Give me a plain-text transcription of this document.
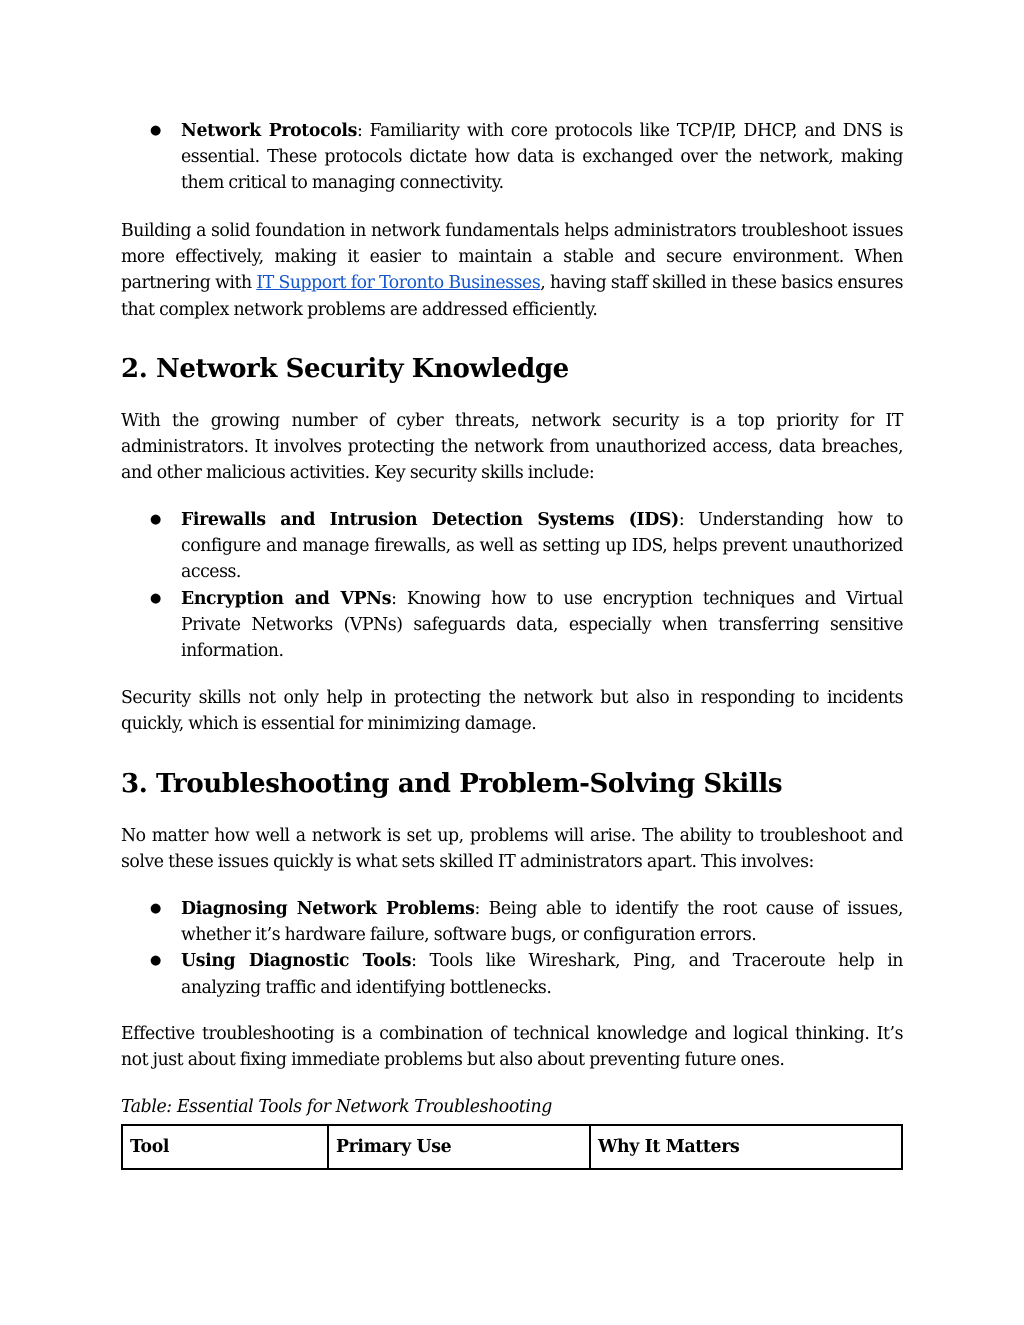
● Network Protocols: Familiarity with core protocols like TCP/IP, DHCP, and DNS is essential. These protocols dictate how data is exchanged over the network, making them critical to managing connectivity.

Building a solid foundation in network fundamentals helps administrators troubleshoot issues more effectively, making it easier to maintain a stable and secure environment. When partnering with IT Support for Toronto Businesses, having staff skilled in these basics ensures that complex network problems are addressed efficiently.

2. Network Security Knowledge

With the growing number of cyber threats, network security is a top priority for IT administrators. It involves protecting the network from unauthorized access, data breaches, and other malicious activities. Key security skills include:

● Firewalls and Intrusion Detection Systems (IDS): Understanding how to configure and manage firewalls, as well as setting up IDS, helps prevent unauthorized access.
● Encryption and VPNs: Knowing how to use encryption techniques and Virtual Private Networks (VPNs) safeguards data, especially when transferring sensitive information.

Security skills not only help in protecting the network but also in responding to incidents quickly, which is essential for minimizing damage.

3. Troubleshooting and Problem-Solving Skills

No matter how well a network is set up, problems will arise. The ability to troubleshoot and solve these issues quickly is what sets skilled IT administrators apart. This involves:

● Diagnosing Network Problems: Being able to identify the root cause of issues, whether it’s hardware failure, software bugs, or configuration errors.
● Using Diagnostic Tools: Tools like Wireshark, Ping, and Traceroute help in analyzing traffic and identifying bottlenecks.

Effective troubleshooting is a combination of technical knowledge and logical thinking. It’s not just about fixing immediate problems but also about preventing future ones.

Table: Essential Tools for Network Troubleshooting
Tool	Primary Use	Why It Matters
